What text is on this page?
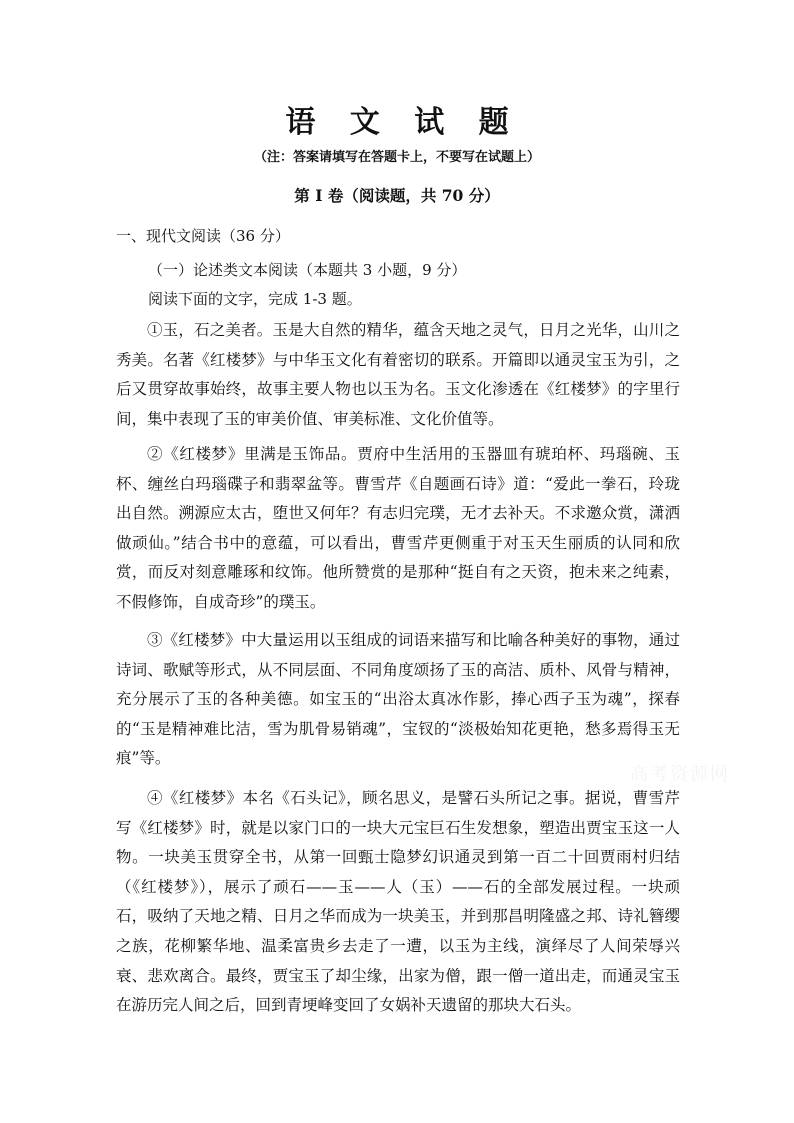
语 文 试 题
（注：答案请填写在答题卡上，不要写在试题上）
第 I 卷（阅读题，共 70 分）
一、现代文阅读（36 分）
（一）论述类文本阅读（本题共 3 小题，9 分）
阅读下面的文字，完成 1-3 题。

①玉，石之美者。玉是大自然的精华，蕴含天地之灵气，日月之光华，山川之秀美。名著《红楼梦》与中华玉文化有着密切的联系。开篇即以通灵宝玉为引，之后又贯穿故事始终，故事主要人物也以玉为名。玉文化渗透在《红楼梦》的字里行间，集中表现了玉的审美价值、审美标准、文化价值等。

②《红楼梦》里满是玉饰品。贾府中生活用的玉器皿有琥珀杯、玛瑙碗、玉杯、缠丝白玛瑙碟子和翡翠盆等。曹雪芹《自题画石诗》道：“爱此一拳石，玲珑出自然。溯源应太古，堕世又何年？有志归完璞，无才去补天。不求邀众赏，潇洒做顽仙。”结合书中的意蕴，可以看出，曹雪芹更侧重于对玉天生丽质的认同和欣赏，而反对刻意雕琢和纹饰。他所赞赏的是那种“挺自有之天资，抱未来之纯素，不假修饰，自成奇珍”的璞玉。

③《红楼梦》中大量运用以玉组成的词语来描写和比喻各种美好的事物，通过诗词、歌赋等形式，从不同层面、不同角度颂扬了玉的高洁、质朴、风骨与精神，充分展示了玉的各种美德。如宝玉的“出浴太真冰作影，捧心西子玉为魂”，探春的“玉是精神难比洁，雪为肌骨易销魂”，宝钗的“淡极始知花更艳，愁多焉得玉无痕”等。

④《红楼梦》本名《石头记》，顾名思义，是譬石头所记之事。据说，曹雪芹写《红楼梦》时，就是以家门口的一块大元宝巨石生发想象，塑造出贾宝玉这一人物。一块美玉贯穿全书，从第一回甄士隐梦幻识通灵到第一百二十回贾雨村归结（《红楼梦》），展示了顽石——玉——人（玉）——石的全部发展过程。一块顽石，吸纳了天地之精、日月之华而成为一块美玉，并到那昌明隆盛之邦、诗礼簪缨之族，花柳繁华地、温柔富贵乡去走了一遭，以玉为主线，演绎尽了人间荣辱兴衰、悲欢离合。最终，贾宝玉了却尘缘，出家为僧，跟一僧一道出走，而通灵宝玉在游历完人间之后，回到青埂峰变回了女娲补天遗留的那块大石头。

高考资源网
